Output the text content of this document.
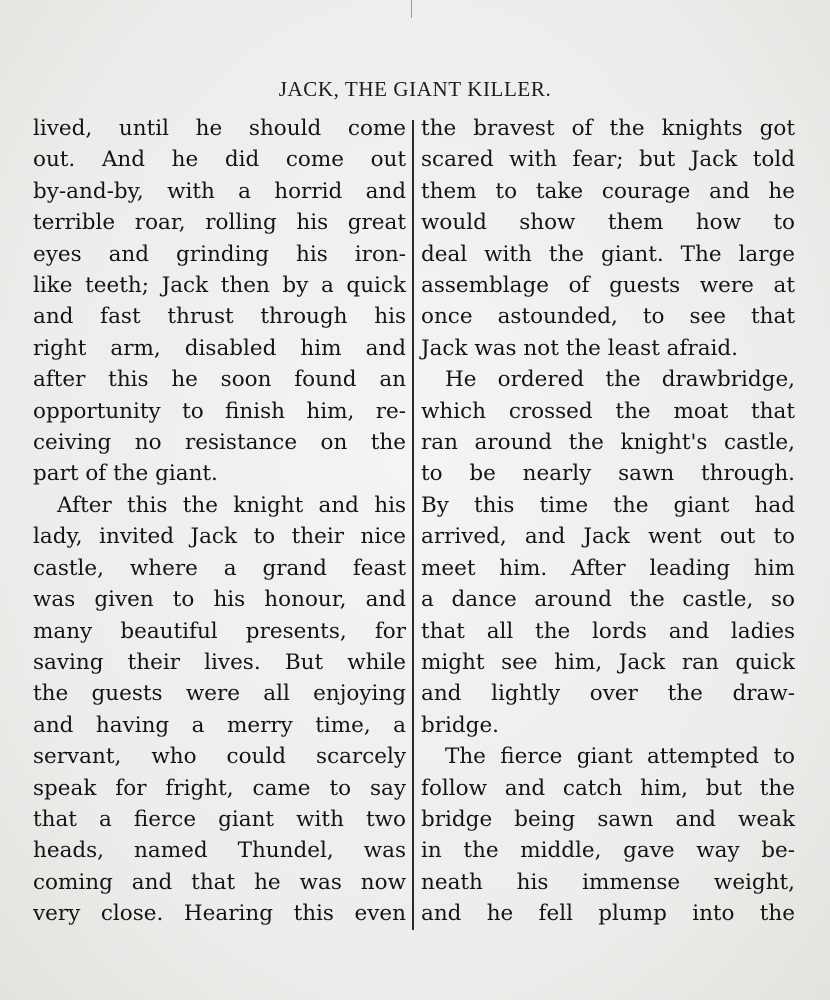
JACK, THE GIANT KILLER.
lived, until he should come
out. And he did come out
by-and-by, with a horrid and
terrible roar, rolling his great
eyes and grinding his iron-
like teeth; Jack then by a quick
and fast thrust through his
right arm, disabled him and
after this he soon found an
opportunity to finish him, re-
ceiving no resistance on the
part of the giant.
After this the knight and his
lady, invited Jack to their nice
castle, where a grand feast
was given to his honour, and
many beautiful presents, for
saving their lives. But while
the guests were all enjoying
and having a merry time, a
servant, who could scarcely
speak for fright, came to say
that a fierce giant with two
heads, named Thundel, was
coming and that he was now
very close. Hearing this even
the bravest of the knights got
scared with fear; but Jack told
them to take courage and he
would show them how to
deal with the giant. The large
assemblage of guests were at
once astounded, to see that
Jack was not the least afraid.
He ordered the drawbridge,
which crossed the moat that
ran around the knight's castle,
to be nearly sawn through.
By this time the giant had
arrived, and Jack went out to
meet him. After leading him
a dance around the castle, so
that all the lords and ladies
might see him, Jack ran quick
and lightly over the draw-
bridge.
The fierce giant attempted to
follow and catch him, but the
bridge being sawn and weak
in the middle, gave way be-
neath his immense weight,
and he fell plump into the
